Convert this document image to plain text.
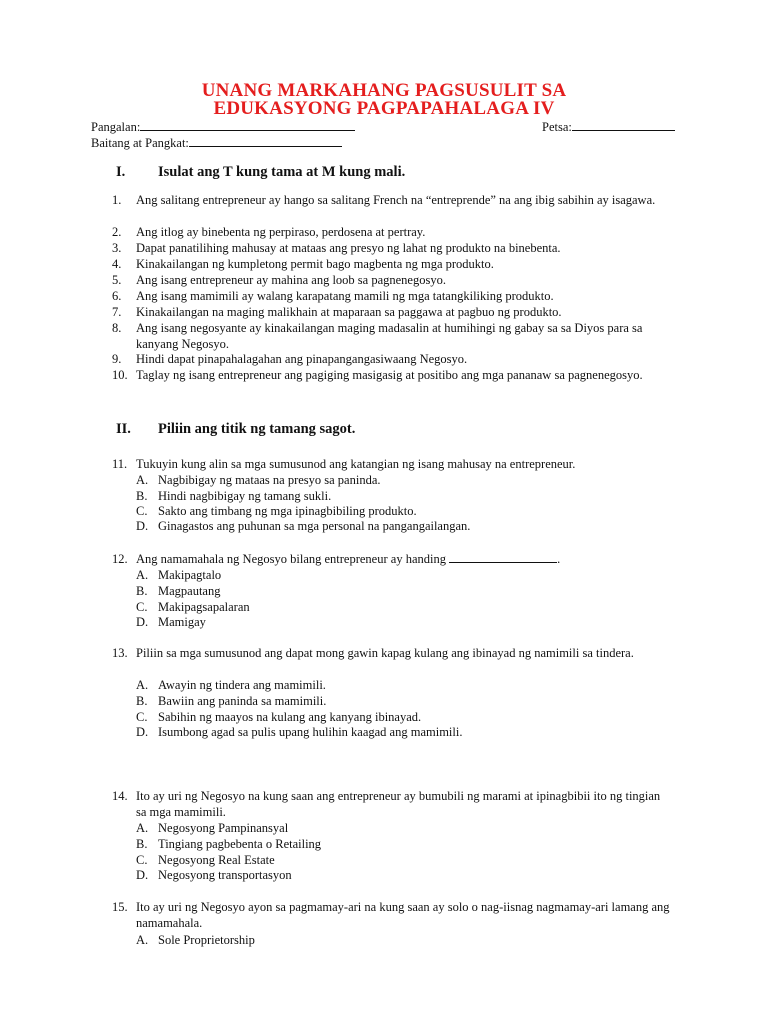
UNANG MARKAHANG PAGSUSULIT SA
EDUKASYONG PAGPAPAHALAGA IV
Pangalan:	Petsa:
Baitang at Pangkat:
I. Isulat ang T kung tama at M kung mali.
1.	Ang salitang entrepreneur ay hango sa salitang French na “entreprende” na ang ibig sabihin ay isagawa.
2.	Ang itlog ay binebenta ng perpiraso, perdosena at pertray.
3.	Dapat panatilihing mahusay at mataas ang presyo ng lahat ng produkto na binebenta.
4.	Kinakailangan ng kumpletong permit bago magbenta ng mga produkto.
5.	Ang isang entrepreneur ay mahina ang loob sa pagnenegosyo.
6.	Ang isang mamimili ay walang karapatang mamili ng mga tatangkiliking produkto.
7.	Kinakailangan na maging malikhain at maparaan sa paggawa at pagbuo ng produkto.
8.	Ang isang negosyante ay kinakailangan maging madasalin at humihingi ng gabay sa sa Diyos para sa kanyang Negosyo.
9.	Hindi dapat pinapahalagahan ang pinapangangasiwaang Negosyo.
10. Taglay ng isang entrepreneur ang pagiging masigasig at positibo ang mga pananaw sa pagnenegosyo.
II. Piliin ang titik ng tamang sagot.
11. Tukuyin kung alin sa mga sumusunod ang katangian ng isang mahusay na entrepreneur.
A. Nagbibigay ng mataas na presyo sa paninda.
B. Hindi nagbibigay ng tamang sukli.
C. Sakto ang timbang ng mga ipinagbibiling produkto.
D. Ginagastos ang puhunan sa mga personal na pangangailangan.
12. Ang namamahala ng Negosyo bilang entrepreneur ay handing	.
A. Makipagtalo
B. Magpautang
C. Makipagsapalaran
D. Mamigay
13. Piliin sa mga sumusunod ang dapat mong gawin kapag kulang ang ibinayad ng namimili sa tindera.
A. Awayin ng tindera ang mamimili.
B. Bawiin ang paninda sa mamimili.
C. Sabihin ng maayos na kulang ang kanyang ibinayad.
D. Isumbong agad sa pulis upang hulihin kaagad ang mamimili.
14. Ito ay uri ng Negosyo na kung saan ang entrepreneur ay bumubili ng marami at ipinagbibii ito ng tingian sa mga mamimili.
A. Negosyong Pampinansyal
B. Tingiang pagbebenta o Retailing
C. Negosyong Real Estate
D. Negosyong transportasyon
15. Ito ay uri ng Negosyo ayon sa pagmamay-ari na kung saan ay solo o nag-iisnag nagmamay-ari lamang ang namamahala.
A. Sole Proprietorship
